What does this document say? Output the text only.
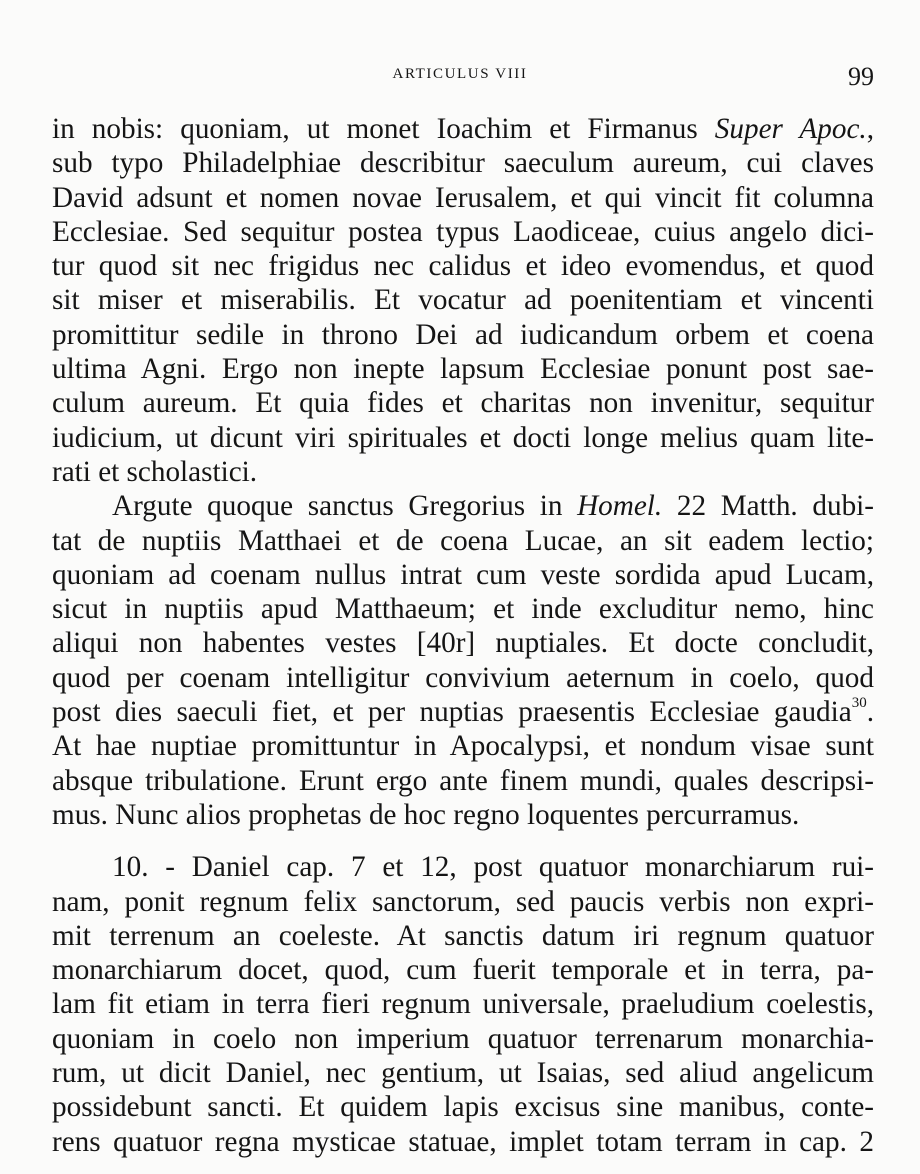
ARTICULUS VIII	99
in nobis: quoniam, ut monet Ioachim et Firmanus Super Apoc.,
sub typo Philadelphiae describitur saeculum aureum, cui claves
David adsunt et nomen novae Ierusalem, et qui vincit fit columna
Ecclesiae. Sed sequitur postea typus Laodiceae, cuius angelo dici-
tur quod sit nec frigidus nec calidus et ideo evomendus, et quod
sit miser et miserabilis. Et vocatur ad poenitentiam et vincenti
promittitur sedile in throno Dei ad iudicandum orbem et coena
ultima Agni. Ergo non inepte lapsum Ecclesiae ponunt post sae-
culum aureum. Et quia fides et charitas non invenitur, sequitur
iudicium, ut dicunt viri spirituales et docti longe melius quam lite-
rati et scholastici.
Argute quoque sanctus Gregorius in Homel. 22 Matth. dubi-
tat de nuptiis Matthaei et de coena Lucae, an sit eadem lectio;
quoniam ad coenam nullus intrat cum veste sordida apud Lucam,
sicut in nuptiis apud Matthaeum; et inde excluditur nemo, hinc
aliqui non habentes vestes [40r] nuptiales. Et docte concludit,
quod per coenam intelligitur convivium aeternum in coelo, quod
post dies saeculi fiet, et per nuptias praesentis Ecclesiae gaudia$^{30}$.
At hae nuptiae promittuntur in Apocalypsi, et nondum visae sunt
absque tribulatione. Erunt ergo ante finem mundi, quales descripsi-
mus. Nunc alios prophetas de hoc regno loquentes percurramus.
10. - Daniel cap. 7 et 12, post quatuor monarchiarum rui-
nam, ponit regnum felix sanctorum, sed paucis verbis non expri-
mit terrenum an coeleste. At sanctis datum iri regnum quatuor
monarchiarum docet, quod, cum fuerit temporale et in terra, pa-
lam fit etiam in terra fieri regnum universale, praeludium coelestis,
quoniam in coelo non imperium quatuor terrenarum monarchia-
rum, ut dicit Daniel, nec gentium, ut Isaias, sed aliud angelicum
possidebunt sancti. Et quidem lapis excisus sine manibus, conte-
rens quatuor regna mysticae statuae, implet totam terram in cap. 2
